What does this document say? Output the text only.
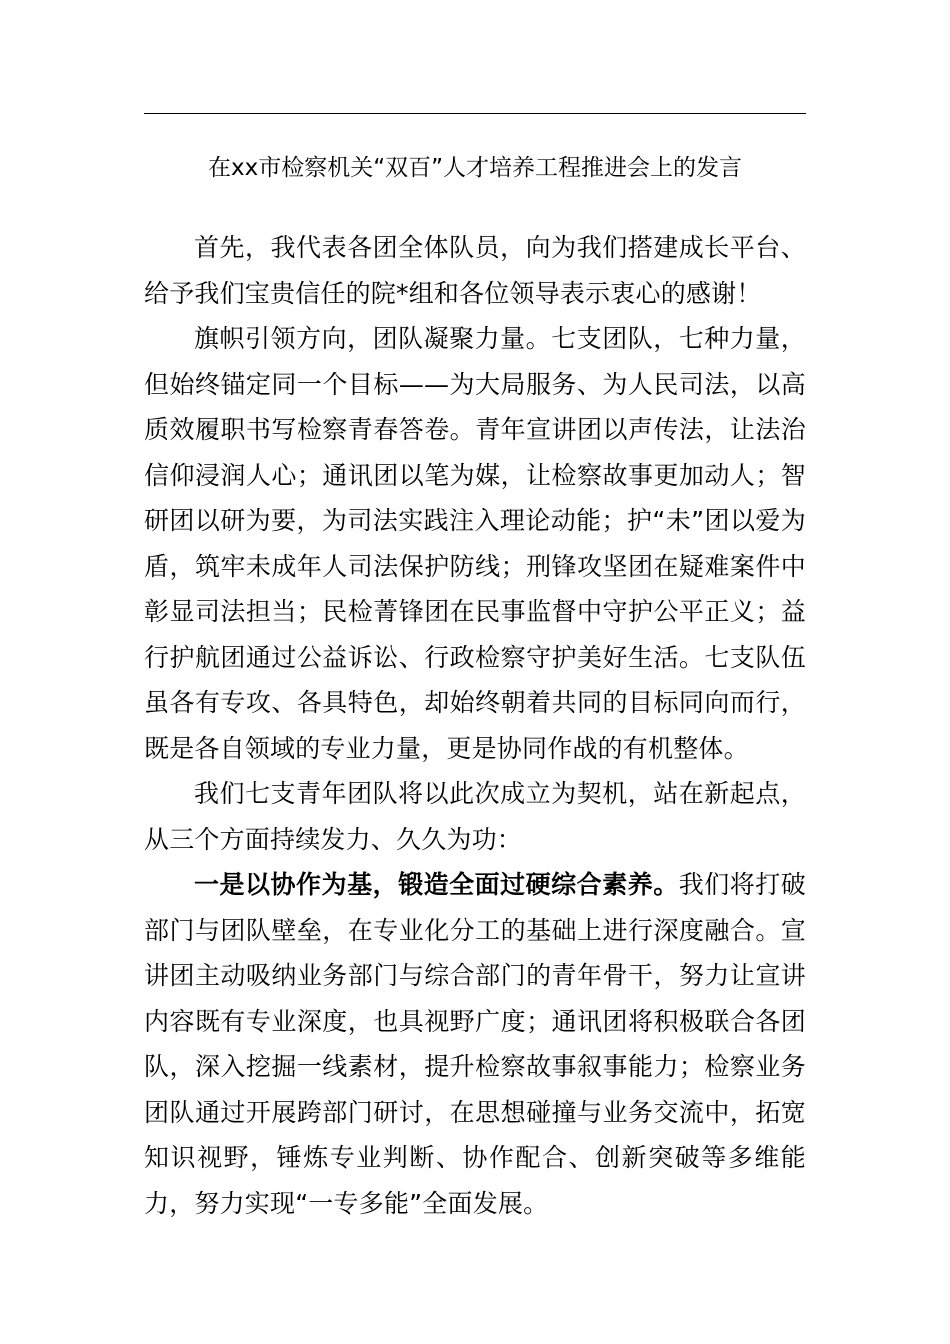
在xx市检察机关“双百”人才培养工程推进会上的发言

首先，我代表各团全体队员，向为我们搭建成长平台、给予我们宝贵信任的院*组和各位领导表示衷心的感谢！

旗帜引领方向，团队凝聚力量。七支团队，七种力量，但始终锚定同一个目标——为大局服务、为人民司法，以高质效履职书写检察青春答卷。青年宣讲团以声传法，让法治信仰浸润人心；通讯团以笔为媒，让检察故事更加动人；智研团以研为要，为司法实践注入理论动能；护“未”团以爱为盾，筑牢未成年人司法保护防线；刑锋攻坚团在疑难案件中彰显司法担当；民检菁锋团在民事监督中守护公平正义；益行护航团通过公益诉讼、行政检察守护美好生活。七支队伍虽各有专攻、各具特色，却始终朝着共同的目标同向而行，既是各自领域的专业力量，更是协同作战的有机整体。

我们七支青年团队将以此次成立为契机，站在新起点，从三个方面持续发力、久久为功：

一是以协作为基，锻造全面过硬综合素养。我们将打破部门与团队壁垒，在专业化分工的基础上进行深度融合。宣讲团主动吸纳业务部门与综合部门的青年骨干，努力让宣讲内容既有专业深度，也具视野广度；通讯团将积极联合各团队，深入挖掘一线素材，提升检察故事叙事能力；检察业务团队通过开展跨部门研讨，在思想碰撞与业务交流中，拓宽知识视野，锤炼专业判断、协作配合、创新突破等多维能力，努力实现“一专多能”全面发展。
